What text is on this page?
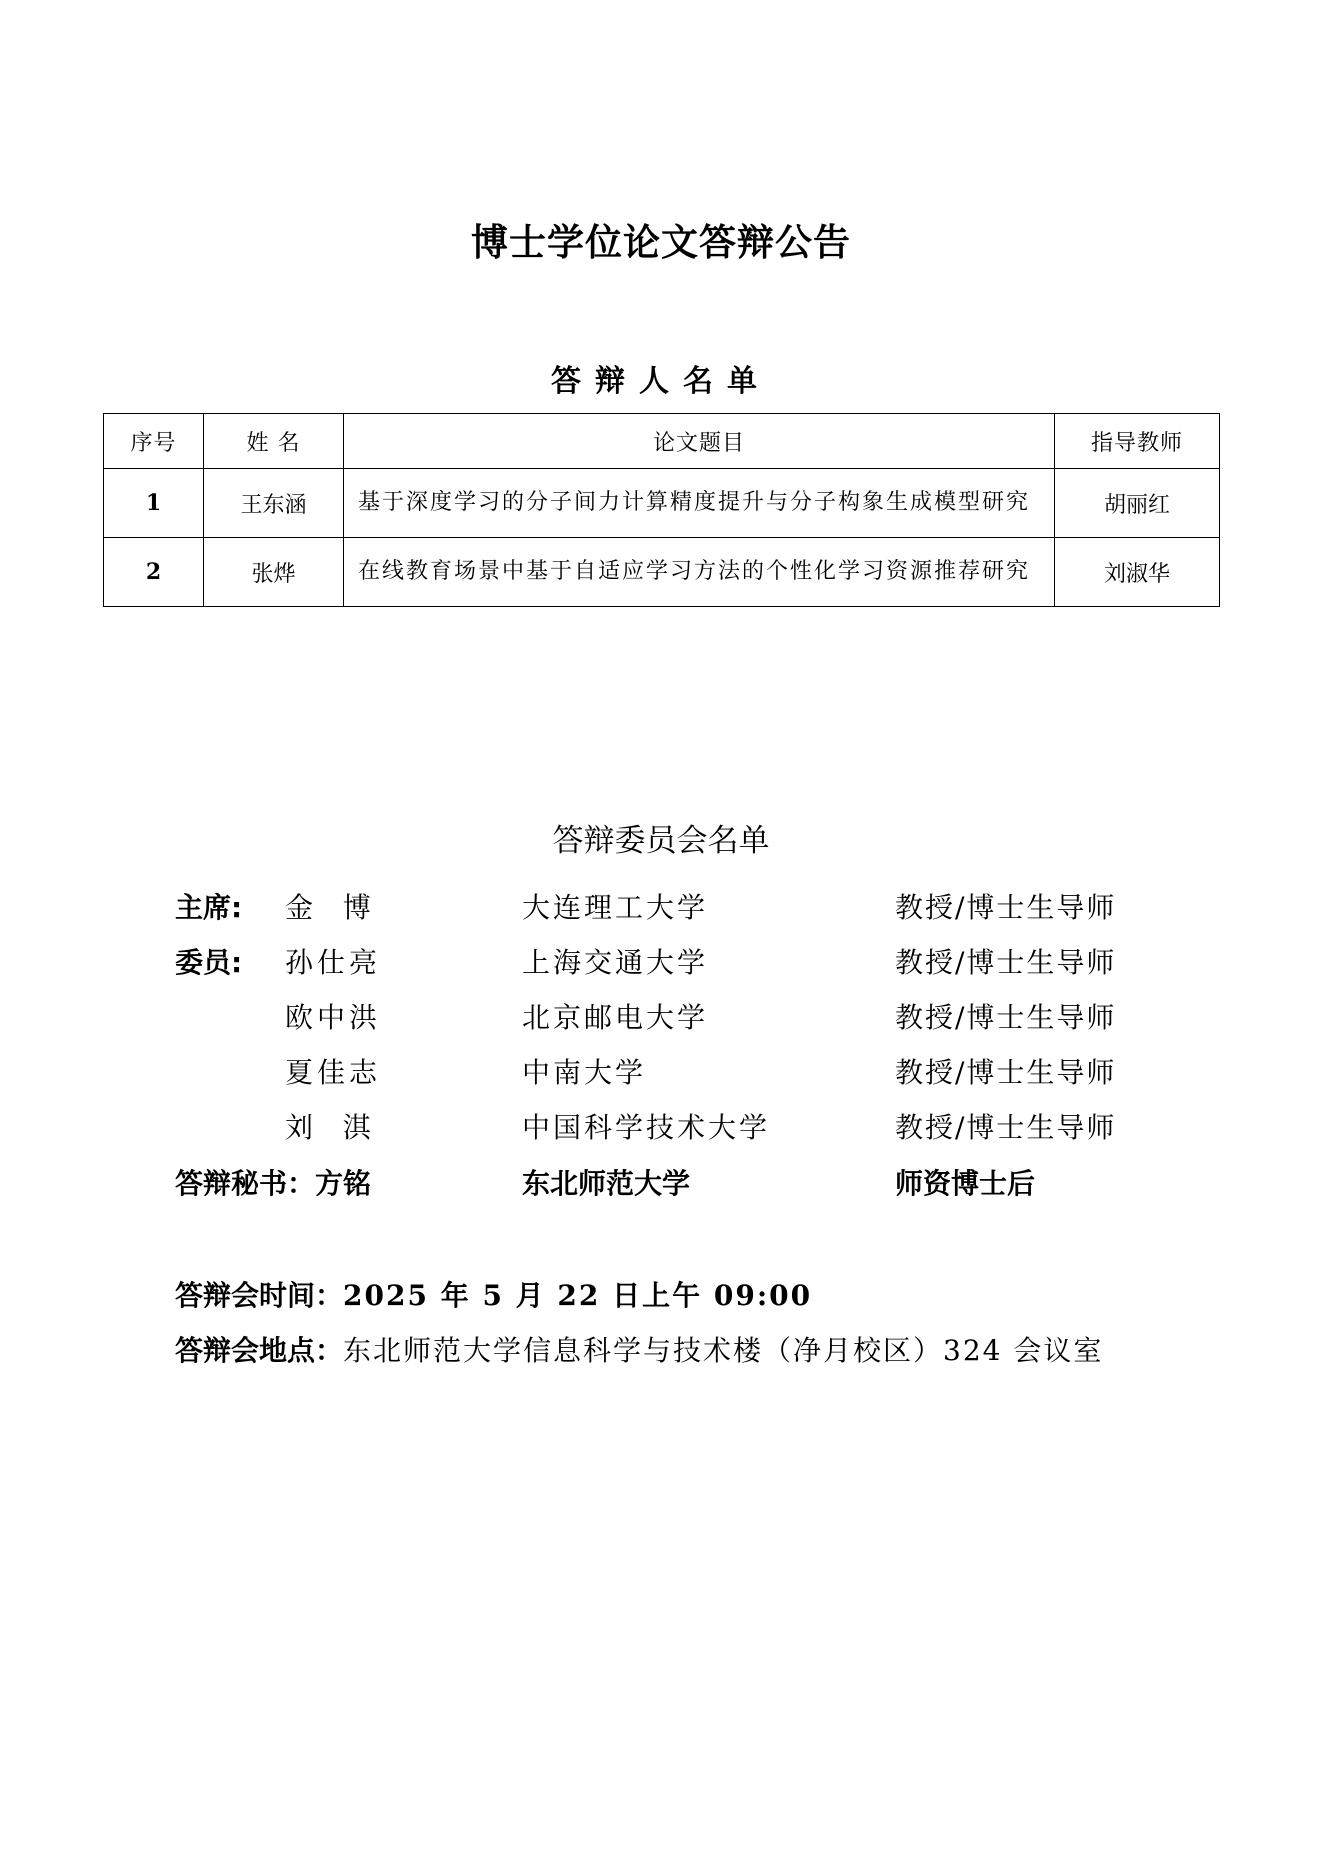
博士学位论文答辩公告
答辩人名单
序号	姓 名	论文题目	指导教师
1	王东涵	基于深度学习的分子间力计算精度提升与分子构象生成模型研究	胡丽红
2	张烨	在线教育场景中基于自适应学习方法的个性化学习资源推荐研究	刘淑华
答辩委员会名单
主席: 金  博	大连理工大学	教授/博士生导师
委员: 孙仕亮	上海交通大学	教授/博士生导师
欧中洪	北京邮电大学	教授/博士生导师
夏佳志	中南大学	教授/博士生导师
刘  淇	中国科学技术大学	教授/博士生导师
答辩秘书：方铭	东北师范大学	师资博士后
答辩会时间：2025 年 5 月 22 日上午 09:00
答辩会地点：东北师范大学信息科学与技术楼（净月校区）324 会议室
